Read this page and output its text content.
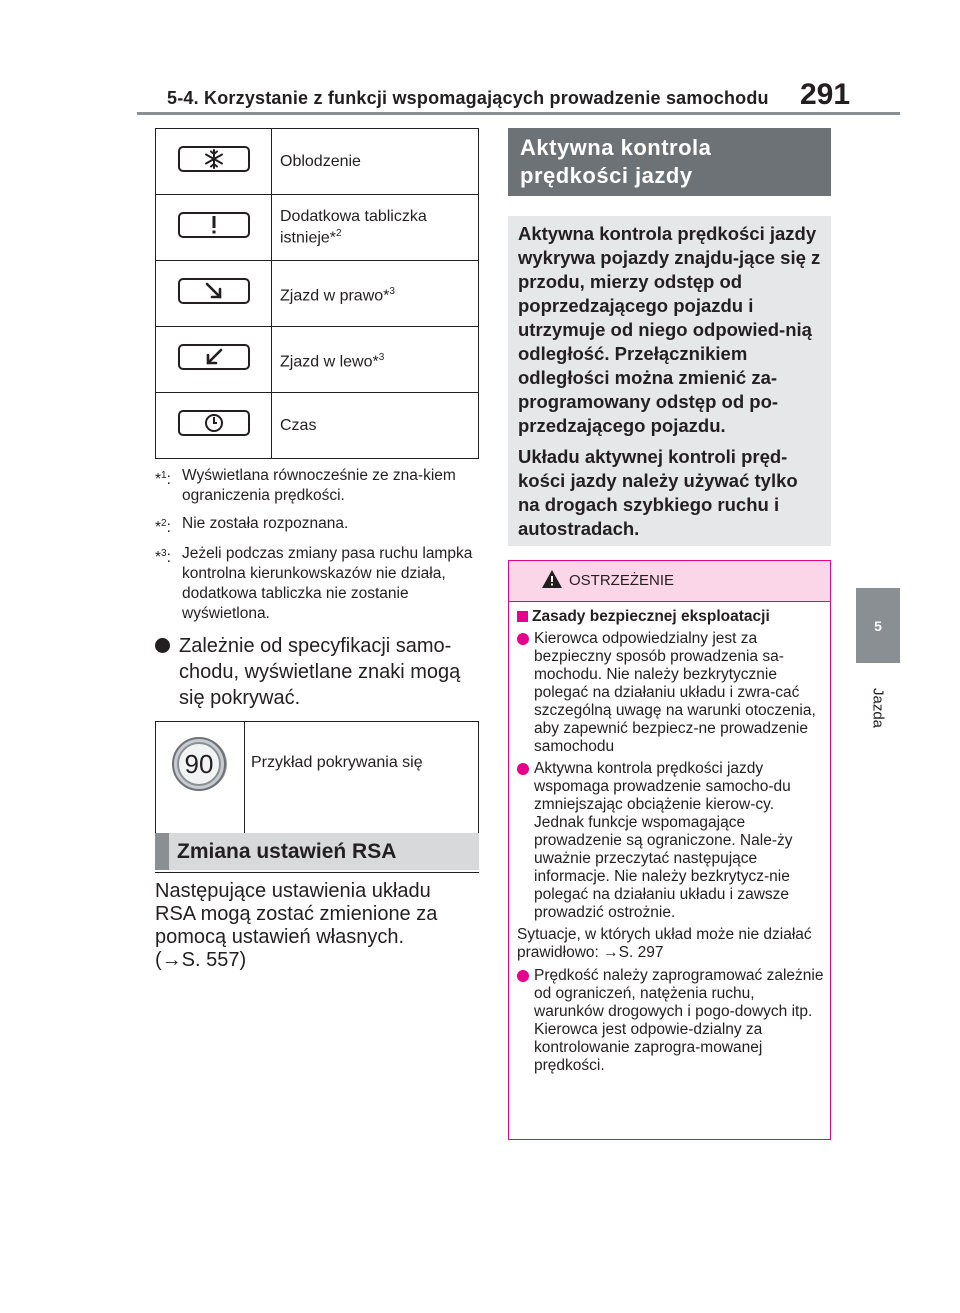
5-4. Korzystanie z funkcji wspomagających prowadzenie samochodu 291
5
Jazda
	Oblodzenie

	Dodatkowa tabliczka istnieje*$^2$

	Zjazd w prawo*$^3$

	Zjazd w lewo*$^3$

	Czas
*$^1$: Wyświetlana równocześnie ze zna-kiem ograniczenia prędkości.
*$^2$: Nie została rozpoznana.
*$^3$: Jeżeli podczas zmiany pasa ruchu lampka kontrolna kierunkowskazów nie działa, dodatkowa tabliczka nie zostanie wyświetlona.
Zależnie od specyfikacji samo-chodu, wyświetlane znaki mogą się pokrywać.
90	Przykład pokrywania się
Zmiana ustawień RSA
Następujące ustawienia układu RSA mogą zostać zmienione za pomocą ustawień własnych.
(→S. 557)
Aktywna kontrola prędkości jazdy

Aktywna kontrola prędkości jazdy wykrywa pojazdy znajdu-jące się z przodu, mierzy odstęp od poprzedzającego pojazdu i utrzymuje od niego odpowied-nią odległość. Przełącznikiem odległości można zmienić za-programowany odstęp od po-przedzającego pojazdu.

Układu aktywnej kontroli pręd-kości jazdy należy używać tylko na drogach szybkiego ruchu i autostradach.

OSTRZEŻENIE
Zasady bezpiecznej eksploatacji
Kierowca odpowiedzialny jest za bezpieczny sposób prowadzenia sa-mochodu. Nie należy bezkrytycznie polegać na działaniu układu i zwra-cać szczególną uwagę na warunki otoczenia, aby zapewnić bezpiecz-ne prowadzenie samochodu
Aktywna kontrola prędkości jazdy wspomaga prowadzenie samocho-du zmniejszając obciążenie kierow-cy. Jednak funkcje wspomagające prowadzenie są ograniczone. Nale-ży uważnie przeczytać następujące informacje. Nie należy bezkrytycz-nie polegać na działaniu układu i zawsze prowadzić ostrożnie.
Sytuacje, w których układ może nie działać prawidłowo: →S. 297
Prędkość należy zaprogramować zależnie od ograniczeń, natężenia ruchu, warunków drogowych i pogo-dowych itp. Kierowca jest odpowie-dzialny za kontrolowanie zaprogra-mowanej prędkości.
